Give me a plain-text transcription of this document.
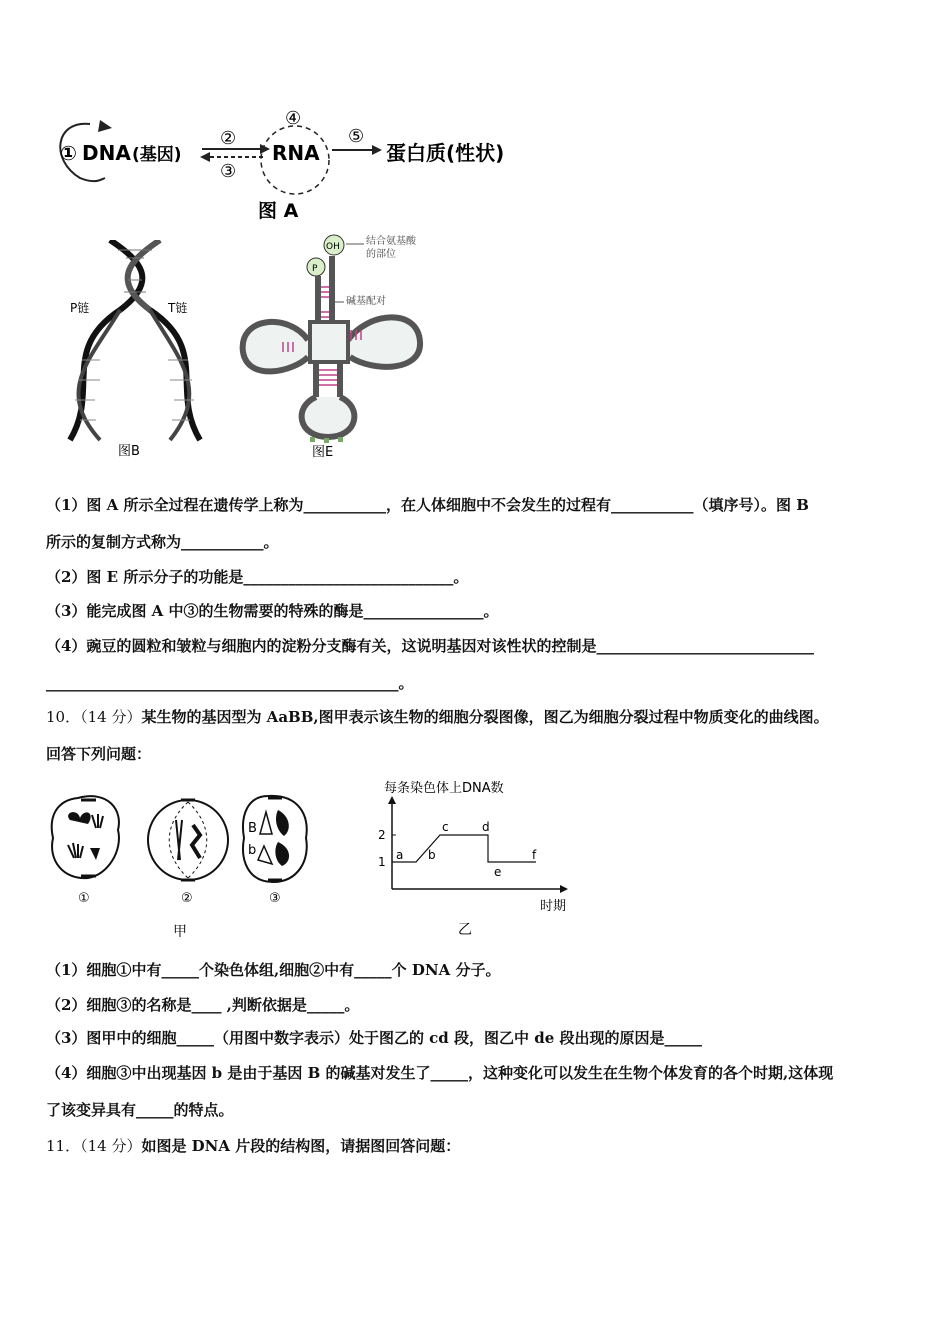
① DNA (基因)
②
③
④
RNA
⑤
蛋白质(性状)
图 A
P链	T链
图B
OH
P
结合氨基酸
的部位
碱基配对
图E
（1）图 A 所示全过程在遗传学上称为___________，在人体细胞中不会发生的过程有___________（填序号）。图 B
所示的复制方式称为___________。
（2）图 E 所示分子的功能是____________________________。
（3）能完成图 A 中③的生物需要的特殊的酶是________________。
（4）豌豆的圆粒和皱粒与细胞内的淀粉分支酶有关，这说明基因对该性状的控制是_____________________________
_______________________________________________。
10．（14 分）某生物的基因型为 AaBB,图甲表示该生物的细胞分裂图像，图乙为细胞分裂过程中物质变化的曲线图。
回答下列问题：
①	②
B
b
③
甲
每条染色体上DNA数
时期
乙
1
2
a b
c	d
e
f
（1）细胞①中有_____个染色体组,细胞②中有_____个 DNA 分子。
（2）细胞③的名称是____ ,判断依据是_____。
（3）图甲中的细胞_____（用图中数字表示）处于图乙的 cd 段，图乙中 de 段出现的原因是_____
（4）细胞③中出现基因 b 是由于基因 B 的碱基对发生了_____，这种变化可以发生在生物个体发育的各个时期,这体现
了该变异具有_____的特点。
11．（14 分）如图是 DNA 片段的结构图，请据图回答问题：
